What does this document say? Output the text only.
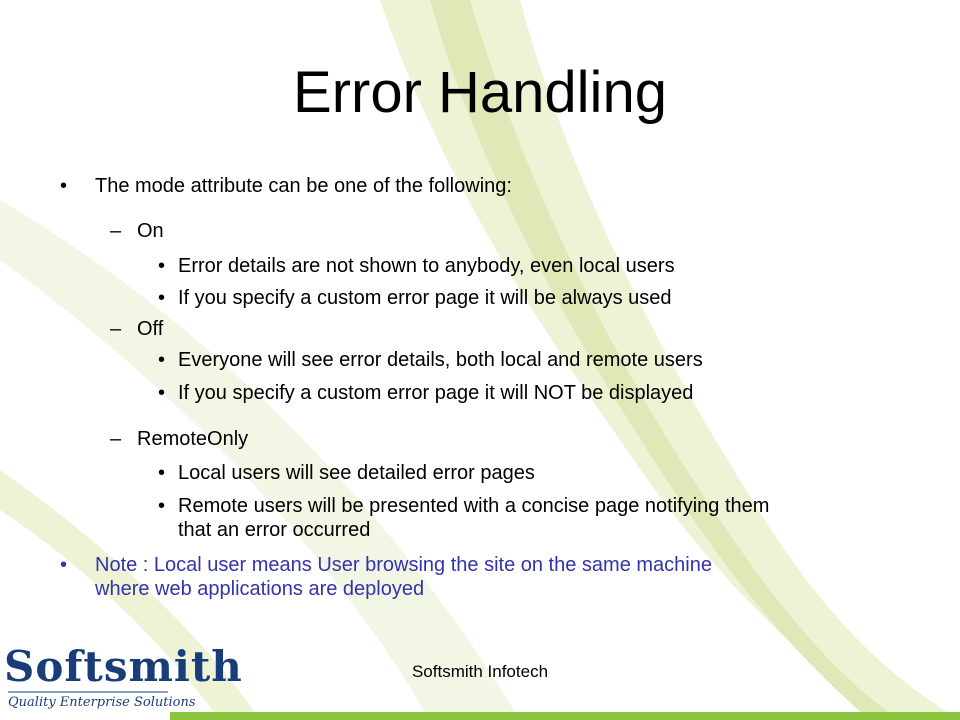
Error Handling
• The mode attribute can be one of the following:
– On
• Error details are not shown to anybody, even local users
• If you specify a custom error page it will be always used
– Off
• Everyone will see error details, both local and remote users
• If you specify a custom error page it will NOT be displayed
– RemoteOnly
• Local users will see detailed error pages
• Remote users will be presented with a concise page notifying them
that an error occurred
• Note : Local user means User browsing the site on the same machine
where web applications are deployed
Softsmith
Quality Enterprise Solutions
Softsmith Infotech
